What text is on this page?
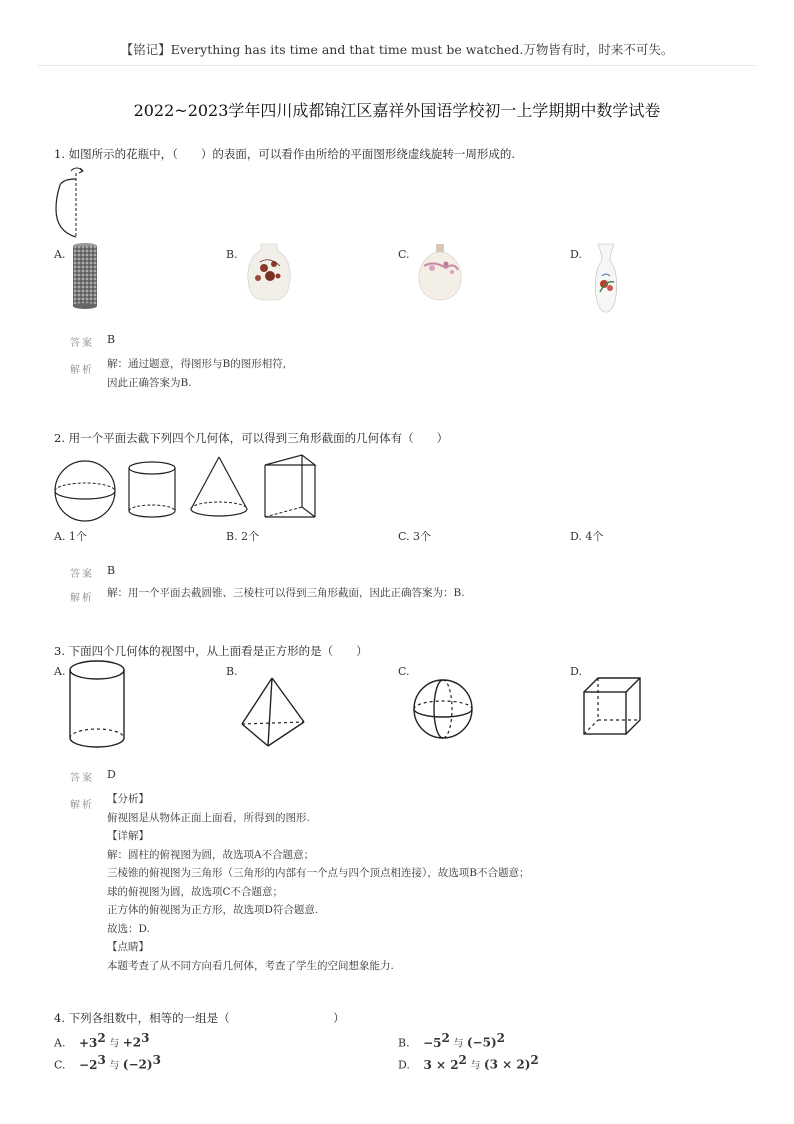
【铭记】Everything has its time and that time must be watched.万物皆有时，时来不可失。
2022~2023学年四川成都锦江区嘉祥外国语学校初一上学期期中数学试卷
1. 如图所示的花瓶中，（　　）的表面，可以看作由所给的平面图形绕虚线旋转一周形成的.
A.	B.	C.	D.
答案 B
解析
解：通过题意，得图形与B的图形相符,
因此正确答案为B.
2. 用一个平面去截下列四个几何体，可以得到三角形截面的几何体有（　　）
A. 1个	B. 2个	C. 3个	D. 4个
答案 B
解析 解：用一个平面去截圆锥、三棱柱可以得到三角形截面，因此正确答案为：B.
3. 下面四个几何体的视图中，从上面看是正方形的是（　　）
A.	B.	C.	D.
答案 D
解析
【分析】
俯视图是从物体正面上面看，所得到的图形.
【详解】
解：圆柱的俯视图为圆，故选项A不合题意；
三棱锥的俯视图为三角形（三角形的内部有一个点与四个顶点相连接），故选项B不合题意；
球的俯视图为圆，故选项C不合题意；
正方体的俯视图为正方形，故选项D符合题意.
故选：D.
【点睛】
本题考查了从不同方向看几何体，考查了学生的空间想象能力.
4. 下列各组数中，相等的一组是（　　　　　　　　　）
A. $+3^2$ 与 $+2^3$	B. $-5^2$ 与 $(-5)^2$
C. $-2^3$ 与 $(-2)^3$	D. $3 \times 2^2$ 与 $(3 \times 2)^2$
